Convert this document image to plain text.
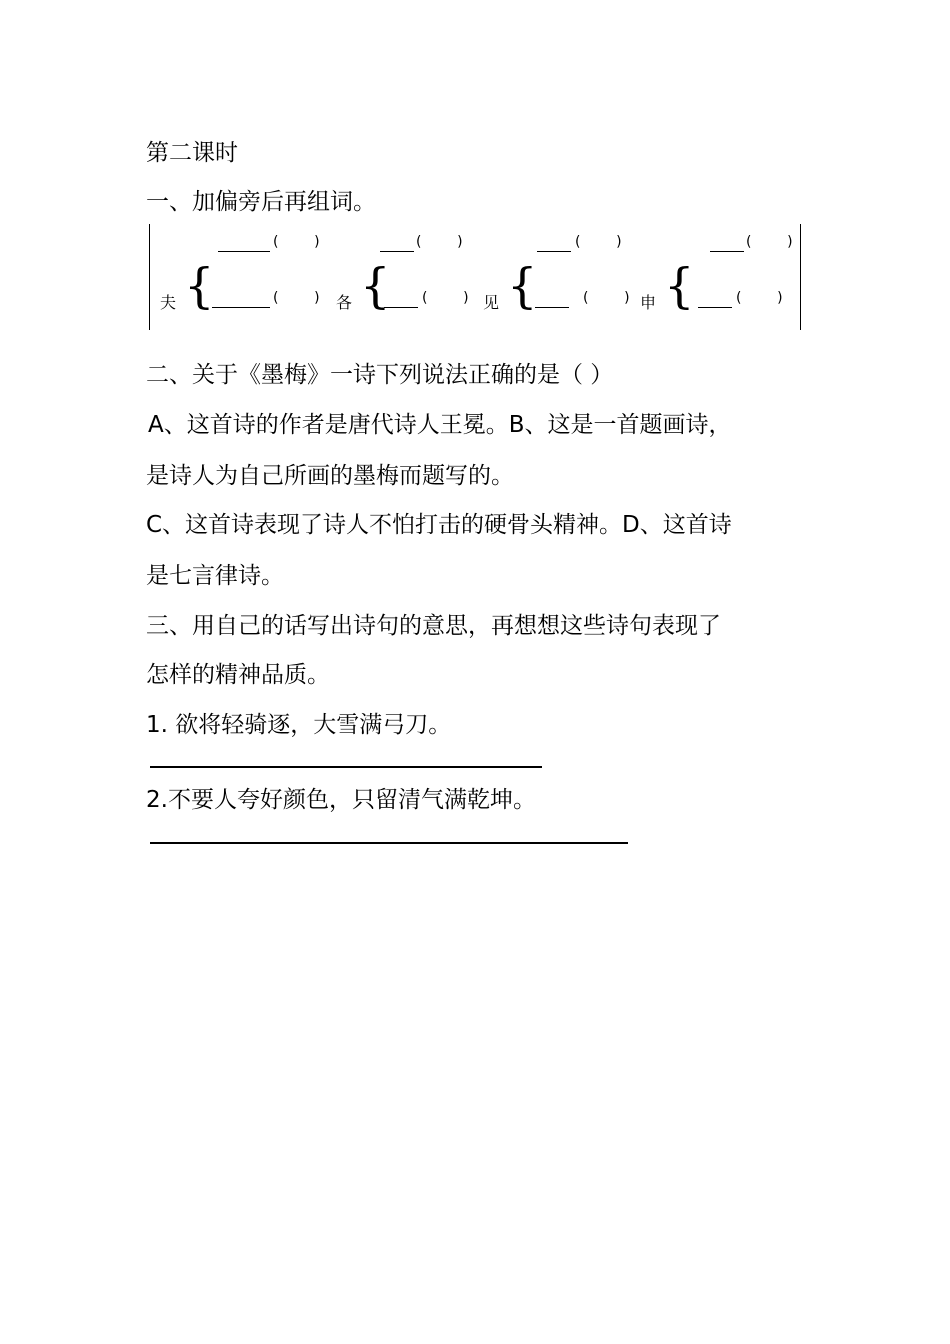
第二课时
一、加偏旁后再组词。
夫 {
(        )
(        ) 各 {
(        )
(        ) 见 {
(        )
(        ) 申 {
(        )
(        )
二、关于《墨梅》一诗下列说法正确的是（ ）
A、这首诗的作者是唐代诗人王冕。B、这是一首题画诗，
是诗人为自己所画的墨梅而题写的。
C、这首诗表现了诗人不怕打击的硬骨头精神。D、这首诗
是七言律诗。
三、用自己的话写出诗句的意思，再想想这些诗句表现了
怎样的精神品质。
1. 欲将轻骑逐，大雪满弓刀。
2.不要人夸好颜色，只留清气满乾坤。
